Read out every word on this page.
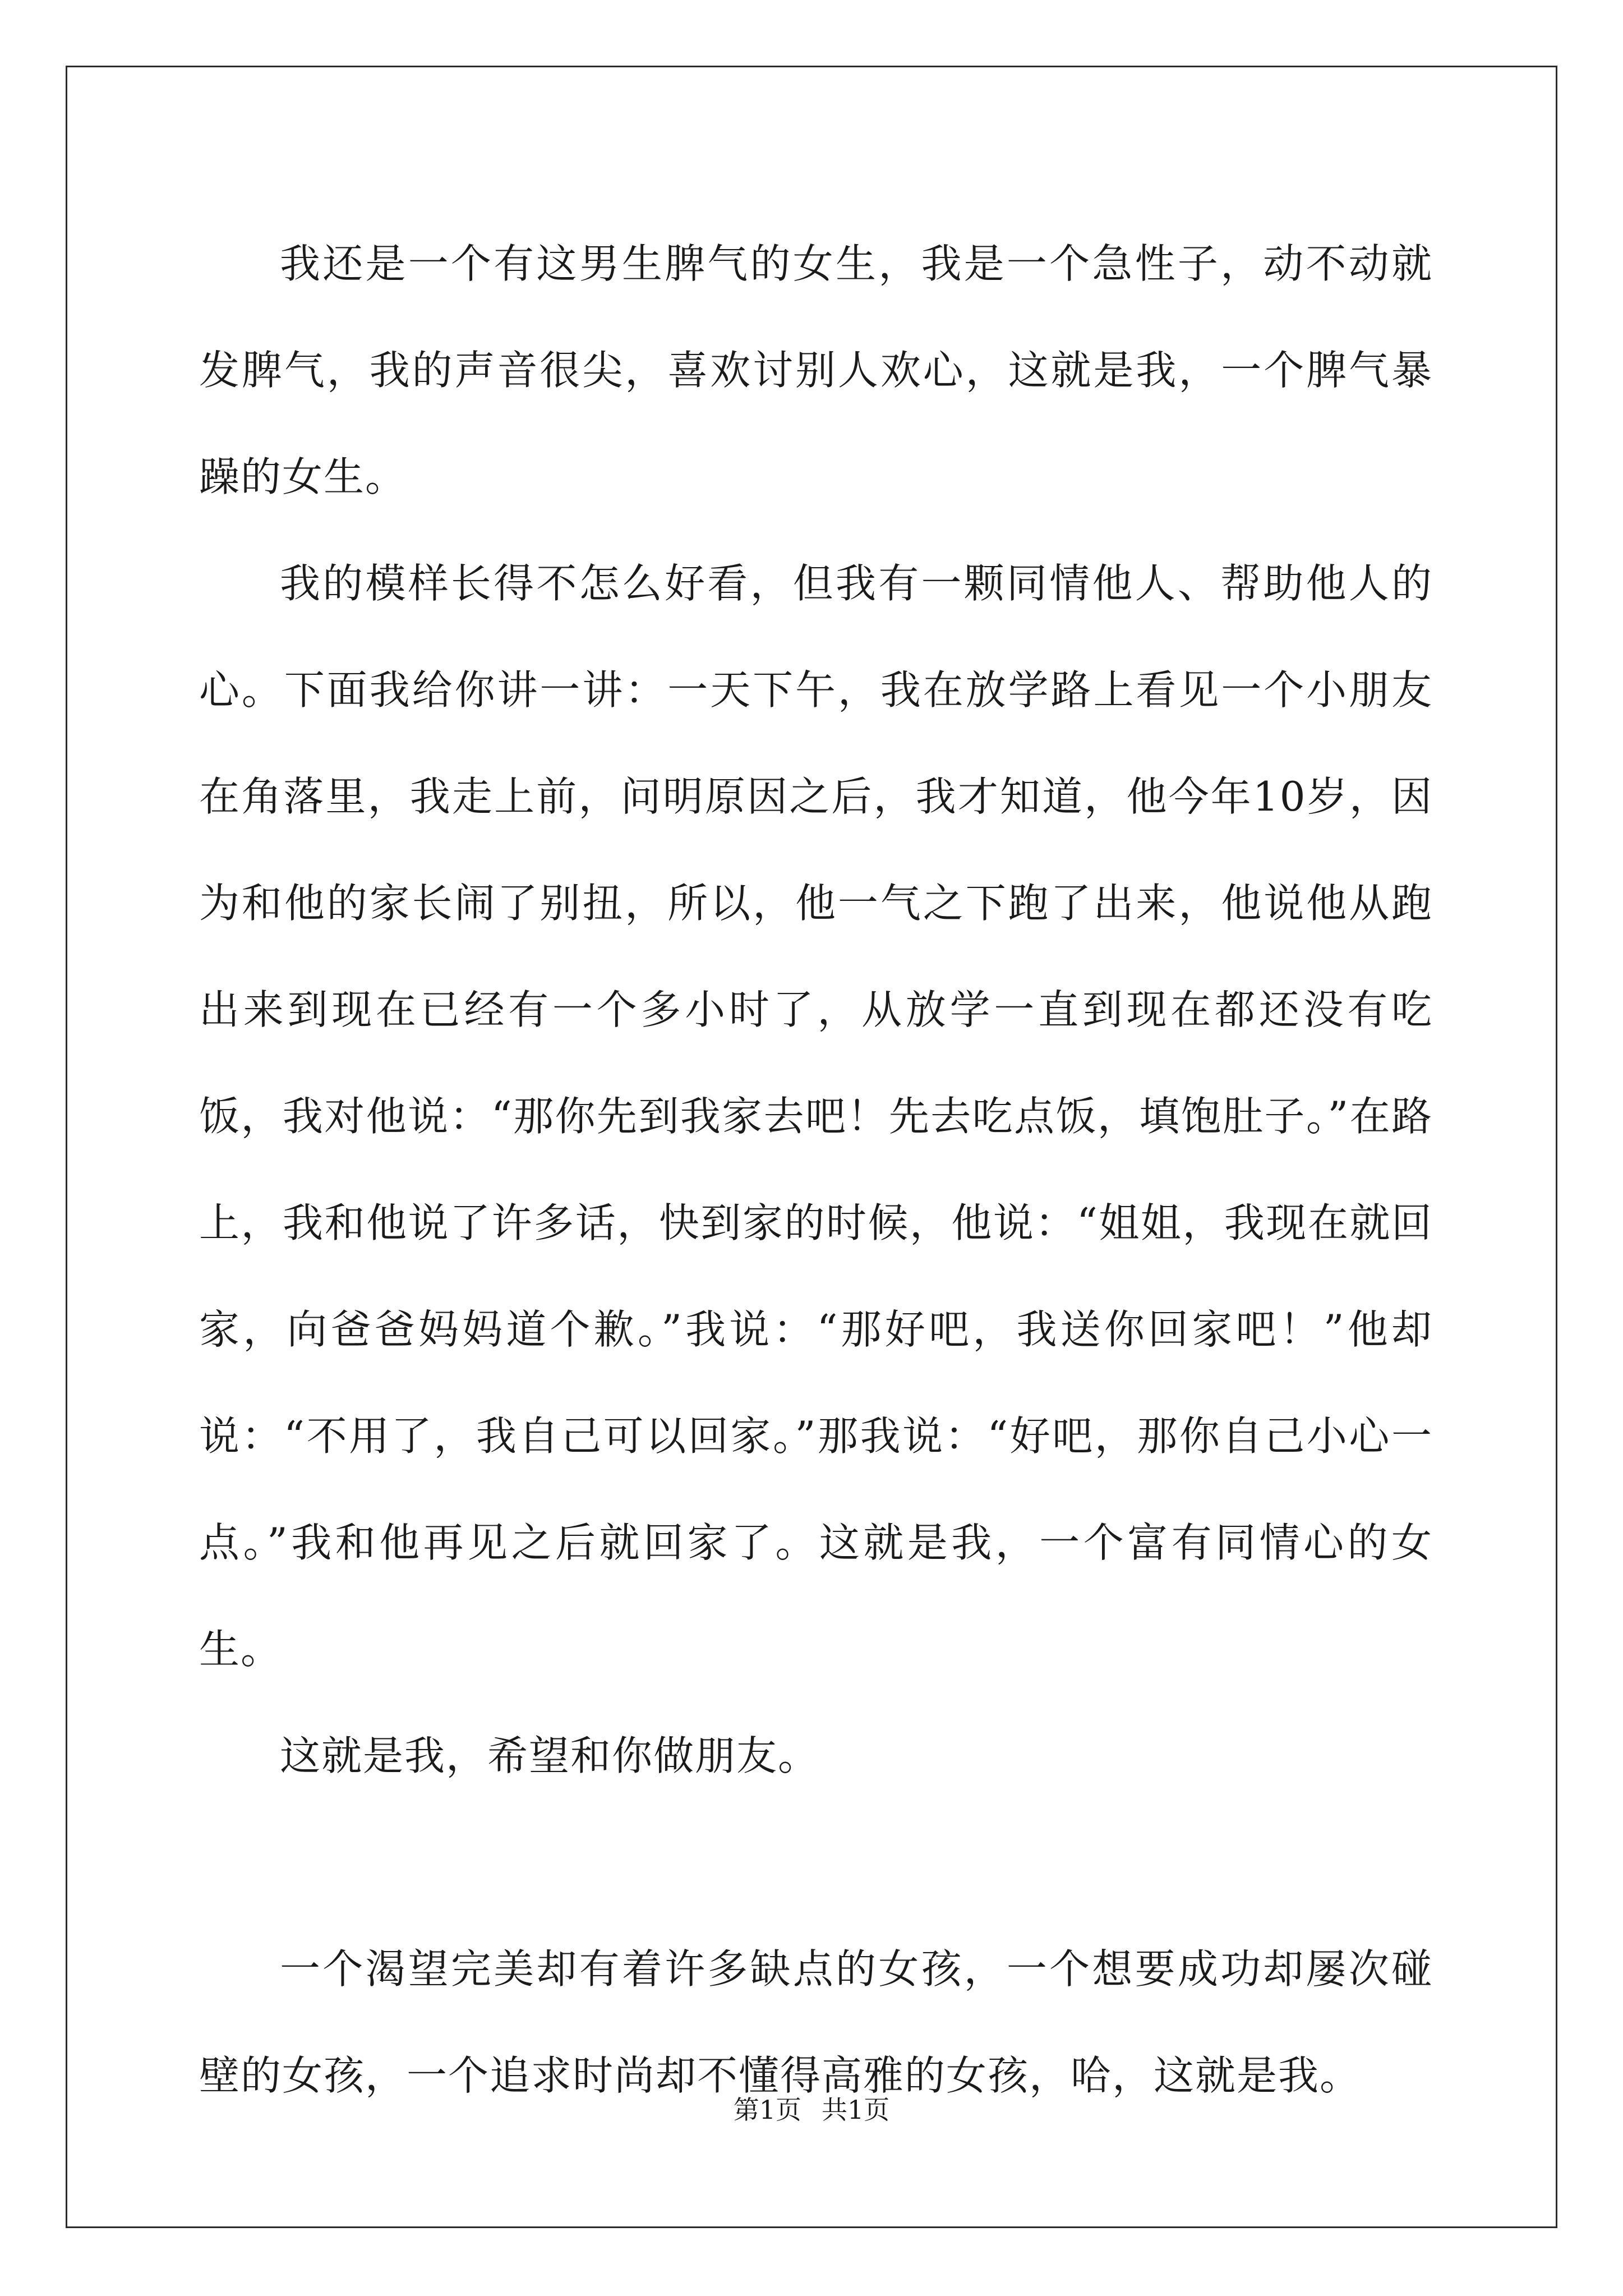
我还是一个有这男生脾气的女生，我是一个急性子，动不动就发脾气，我的声音很尖，喜欢讨别人欢心，这就是我，一个脾气暴躁的女生。

我的模样长得不怎么好看，但我有一颗同情他人、帮助他人的心。下面我给你讲一讲：一天下午，我在放学路上看见一个小朋友在角落里，我走上前，问明原因之后，我才知道，他今年10岁，因为和他的家长闹了别扭，所以，他一气之下跑了出来，他说他从跑出来到现在已经有一个多小时了，从放学一直到现在都还没有吃饭，我对他说：“那你先到我家去吧！先去吃点饭，填饱肚子。”在路上，我和他说了许多话，快到家的时候，他说：“姐姐，我现在就回家，向爸爸妈妈道个歉。”我说：“那好吧，我送你回家吧！”他却说：“不用了，我自己可以回家。”那我说：“好吧，那你自己小心一点。”我和他再见之后就回家了。这就是我，一个富有同情心的女生。

这就是我，希望和你做朋友。

一个渴望完美却有着许多缺点的女孩，一个想要成功却屡次碰壁的女孩，一个追求时尚却不懂得高雅的女孩，哈，这就是我。

第1页 共1页
